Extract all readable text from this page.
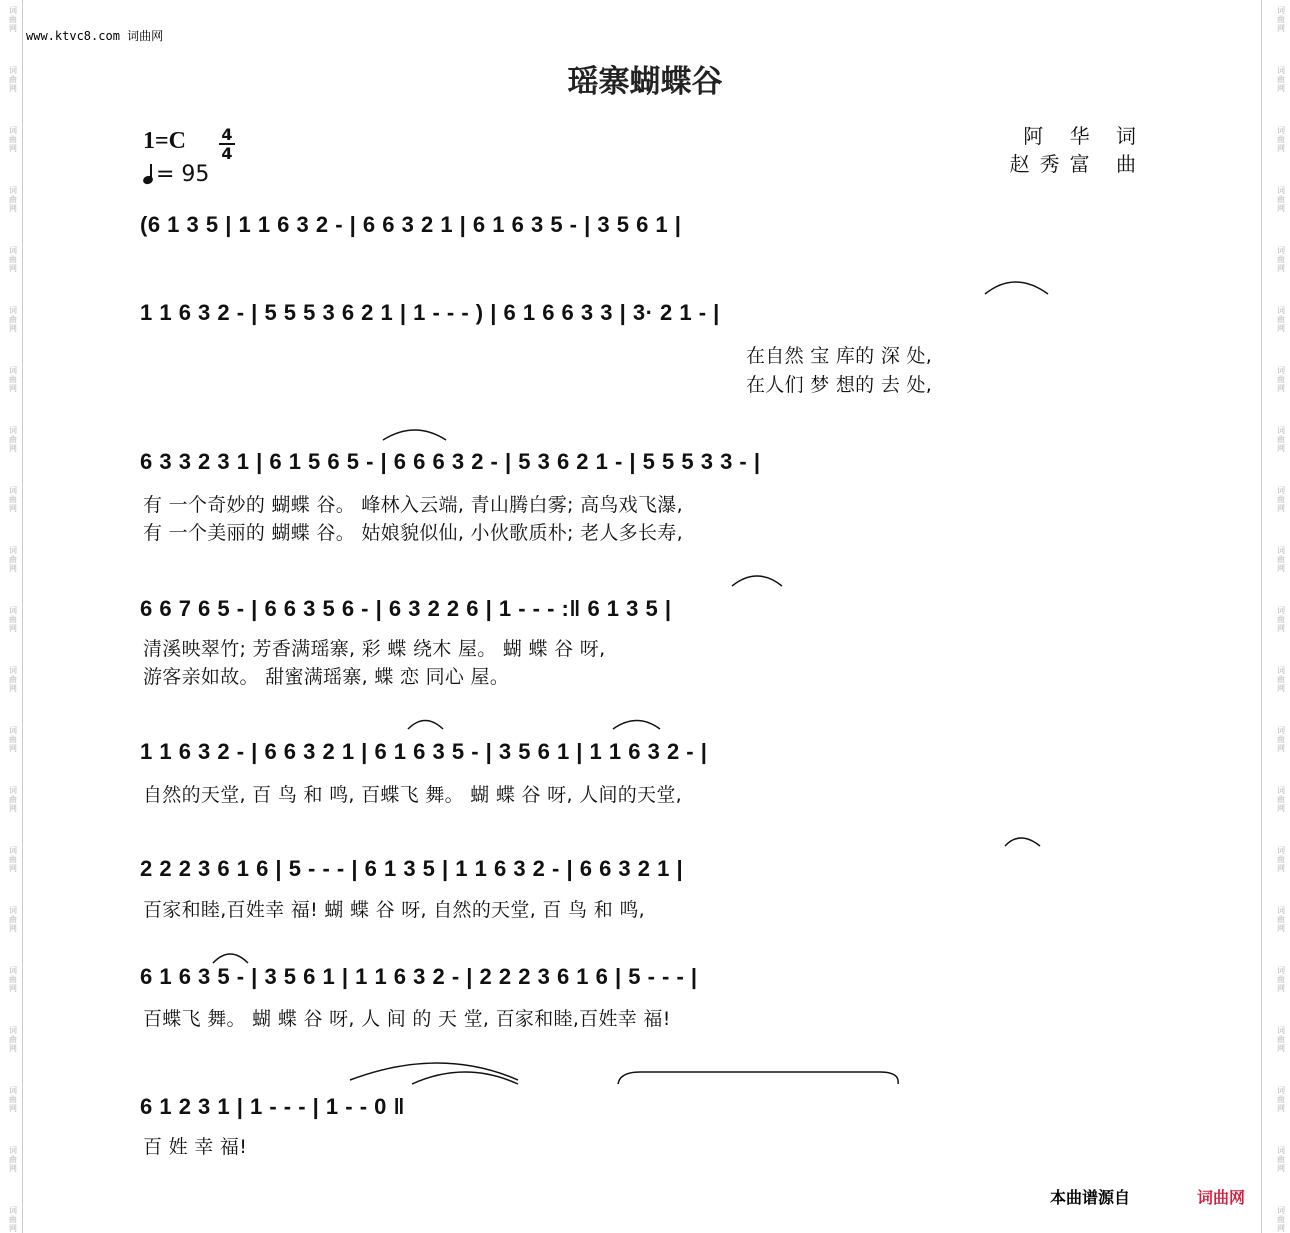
www.ktvc8.com 词曲网
瑶寨蝴蝶谷
1=C	4
4
= 95
阿 华 词
赵秀富 曲
(6 1 3 5 | 1 1 6 3 2 - | 6 6 3 2 1 | 6 1 6 3 5 - | 3 5 6 1 |
1 1 6 3 2 - | 5 5 5 3 6 2 1 | 1 - - - ) | 6 1 6 6 3 3 | 3· 2 1 - |
在自然 宝 库的 深 处,
在人们 梦 想的 去 处,
6 3 3 2 3 1 | 6 1 5 6 5 - | 6 6 6 3 2 - | 5 3 6 2 1 - | 5 5 5 3 3 - |
有 一个奇妙的 蝴蝶 谷。 峰林入云端, 青山腾白雾; 高鸟戏飞瀑,
有 一个美丽的 蝴蝶 谷。 姑娘貌似仙, 小伙歌质朴; 老人多长寿,
6 6 7 6 5 - | 6 6 3 5 6 - | 6 3 2 2 6 | 1 - - - :‖ 6 1 3 5 |
清溪映翠竹; 芳香满瑶寨, 彩 蝶 绕木 屋。 蝴 蝶 谷 呀,
游客亲如故。 甜蜜满瑶寨, 蝶 恋 同心 屋。
1 1 6 3 2 - | 6 6 3 2 1 | 6 1 6 3 5 - | 3 5 6 1 | 1 1 6 3 2 - |
自然的天堂, 百 鸟 和 鸣, 百蝶飞 舞。 蝴 蝶 谷 呀, 人间的天堂,
2 2 2 3 6 1 6 | 5 - - - | 6 1 3 5 | 1 1 6 3 2 - | 6 6 3 2 1 |
百家和睦,百姓幸 福! 蝴 蝶 谷 呀, 自然的天堂, 百 鸟 和 鸣,
6 1 6 3 5 - | 3 5 6 1 | 1 1 6 3 2 - | 2 2 2 3 6 1 6 | 5 - - - |
百蝶飞 舞。 蝴 蝶 谷 呀, 人 间 的 天 堂, 百家和睦,百姓幸 福!
6 1 2 3 1 | 1 - - - | 1 - - 0 ‖
百 姓 幸 福!
本曲谱源自	词曲网
词
曲
网
词
曲
网
词
曲
网
词
曲
网
词
曲
网
词
曲
网
词
曲
网
词
曲
网
词
曲
网
词
曲
网
词
曲
网
词
曲
网
词
曲
网
词
曲
网
词
曲
网
词
曲
网
词
曲
网
词
曲
网
词
曲
网
词
曲
网
词
曲
网
词
曲
网
词
曲
网
词
曲
网
词
曲
网
词
曲
网
词
曲
网
词
曲
网
词
曲
网
词
曲
网
词
曲
网
词
曲
网
词
曲
网
词
曲
网
词
曲
网
词
曲
网
词
曲
网
词
曲
网
词
曲
网
词
曲
网
词
曲
网
词
曲
网
